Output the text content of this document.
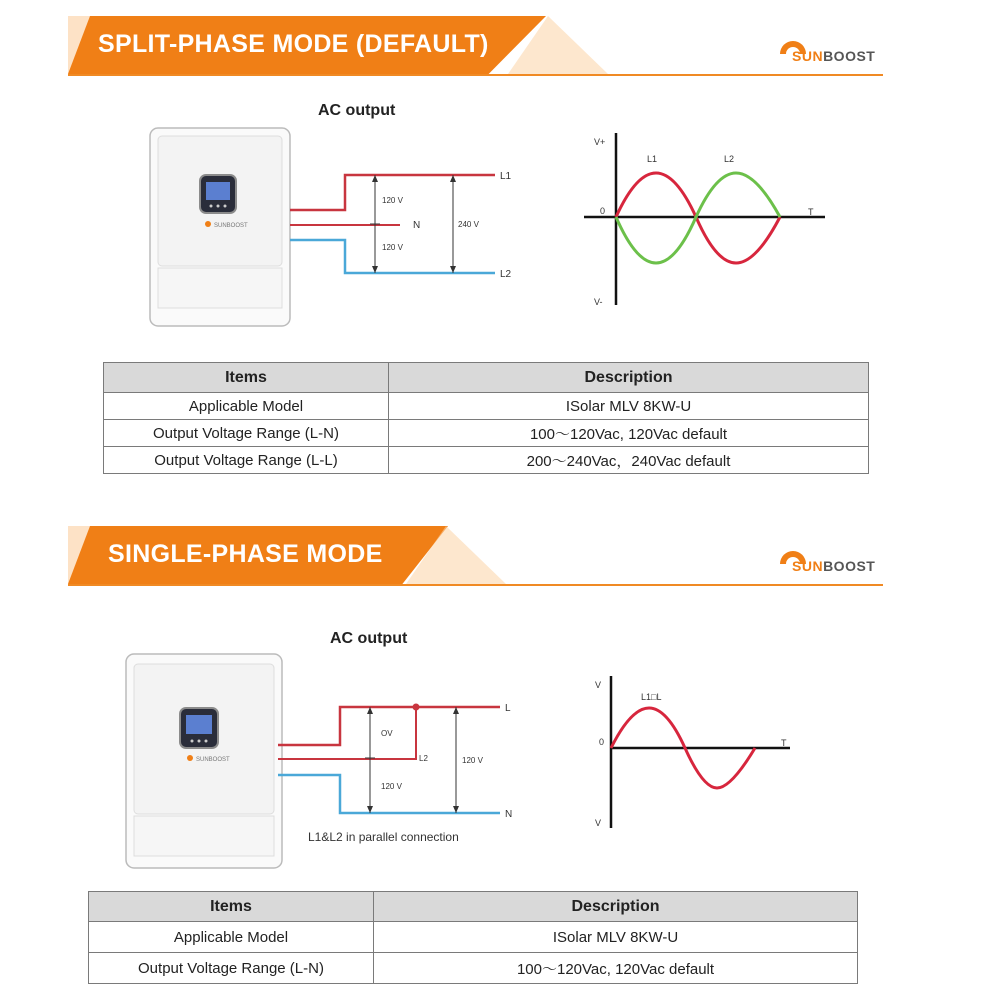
SPLIT-PHASE MODE (DEFAULT)	SUNBOOST
AC output
SUNBOOST
120 V
120 V
240 V
N
L1
L2
V+
V-
0	T
L1	L2
Items	Description
Applicable Model	ISolar MLV 8KW-U
Output Voltage Range (L-N)	100～120Vac, 120Vac default
Output Voltage Range (L-L)	200～240Vac，240Vac default
SINGLE-PHASE MODE	SUNBOOST
AC output
SUNBOOST
OV
120 V
120 V
L2
L
N
L1&L2 in parallel connection
V
V
0	T
L1□L
Items	Description
Applicable Model	ISolar MLV 8KW-U
Output Voltage Range (L-N)	100～120Vac, 120Vac default
